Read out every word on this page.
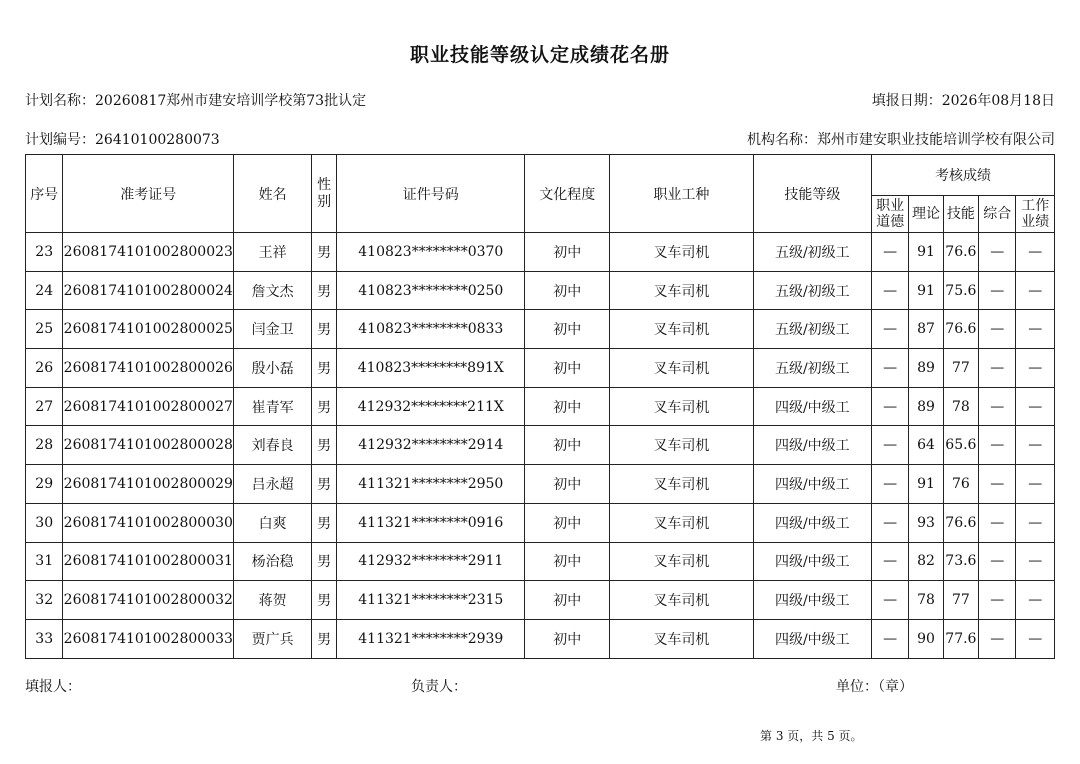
职业技能等级认定成绩花名册
计划名称：20260817郑州市建安培训学校第73批认定	填报日期：2026年08月18日
计划编号：26410100280073	机构名称：郑州市建安职业技能培训学校有限公司
序号	准考证号	姓名	性别	证件号码	文化程度	职业工种	技能等级	考核成绩				
								职业道德	理论	技能	综合	工作业绩
23	2608174101002800023	王祥	男	410823********0370	初中	叉车司机	五级/初级工	—	91	76.6	—	—
24	2608174101002800024	詹文杰	男	410823********0250	初中	叉车司机	五级/初级工	—	91	75.6	—	—
25	2608174101002800025	闫金卫	男	410823********0833	初中	叉车司机	五级/初级工	—	87	76.6	—	—
26	2608174101002800026	殷小磊	男	410823********891X	初中	叉车司机	五级/初级工	—	89	77	—	—
27	2608174101002800027	崔青军	男	412932********211X	初中	叉车司机	四级/中级工	—	89	78	—	—
28	2608174101002800028	刘春良	男	412932********2914	初中	叉车司机	四级/中级工	—	64	65.6	—	—
29	2608174101002800029	吕永超	男	411321********2950	初中	叉车司机	四级/中级工	—	91	76	—	—
30	2608174101002800030	白爽	男	411321********0916	初中	叉车司机	四级/中级工	—	93	76.6	—	—
31	2608174101002800031	杨治稳	男	412932********2911	初中	叉车司机	四级/中级工	—	82	73.6	—	—
32	2608174101002800032	蒋贺	男	411321********2315	初中	叉车司机	四级/中级工	—	78	77	—	—
33	2608174101002800033	贾广兵	男	411321********2939	初中	叉车司机	四级/中级工	—	90	77.6	—	—
填报人：	负责人：	单位：（章）
第 3 页，共 5 页。
